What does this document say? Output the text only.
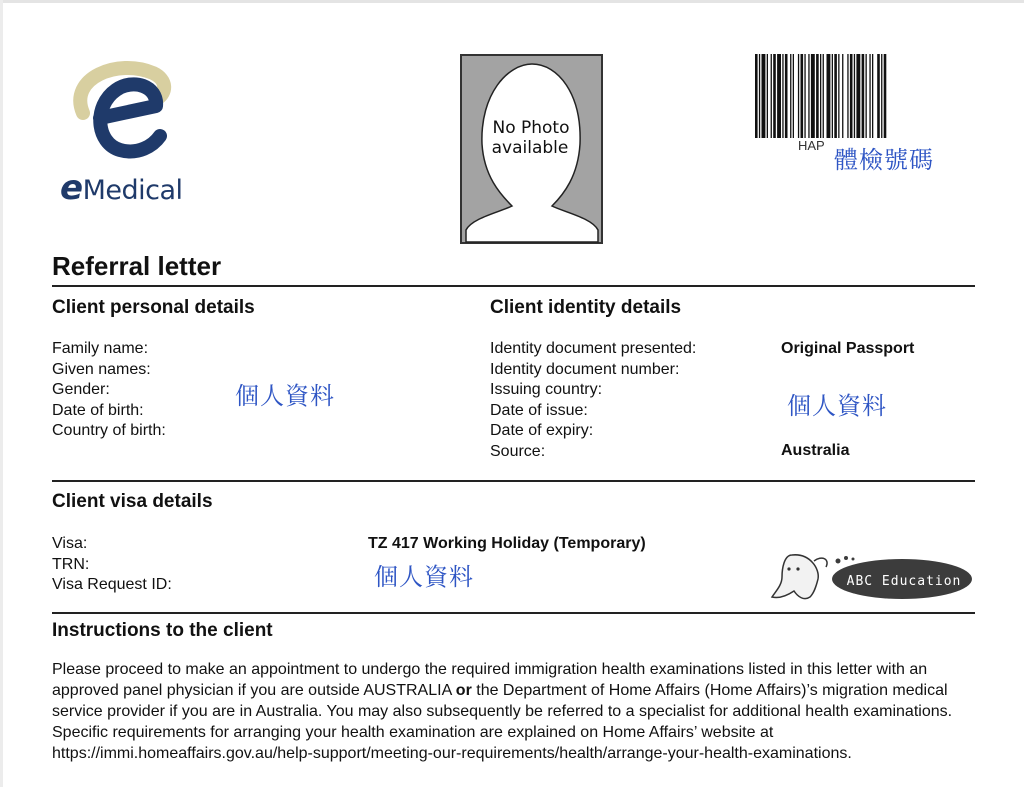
eMedical
No Photo
available	HAP
體檢號碼
Referral letter
Client personal details
Family name:
Given names:
Gender:
Date of birth:
Country of birth:
個人資料
Client identity details
Identity document presented:
Identity document number:
Issuing country:
Date of issue:
Date of expiry:
Source:
Original Passport
個人資料
Australia
Client visa details
Visa:
TRN:
Visa Request ID:
TZ 417 Working Holiday (Temporary)
個人資料	ABC Education
Instructions to the client

Please proceed to make an appointment to undergo the required immigration health examinations listed in this letter with an approved panel physician if you are outside AUSTRALIA or the Department of Home Affairs (Home Affairs)’s migration medical service provider if you are in Australia. You may also subsequently be referred to a specialist for additional health examinations. Specific requirements for arranging your health examination are explained on Home Affairs’ website at https://immi.homeaffairs.gov.au/help-support/meeting-our-requirements/health/arrange-your-health-examinations.
